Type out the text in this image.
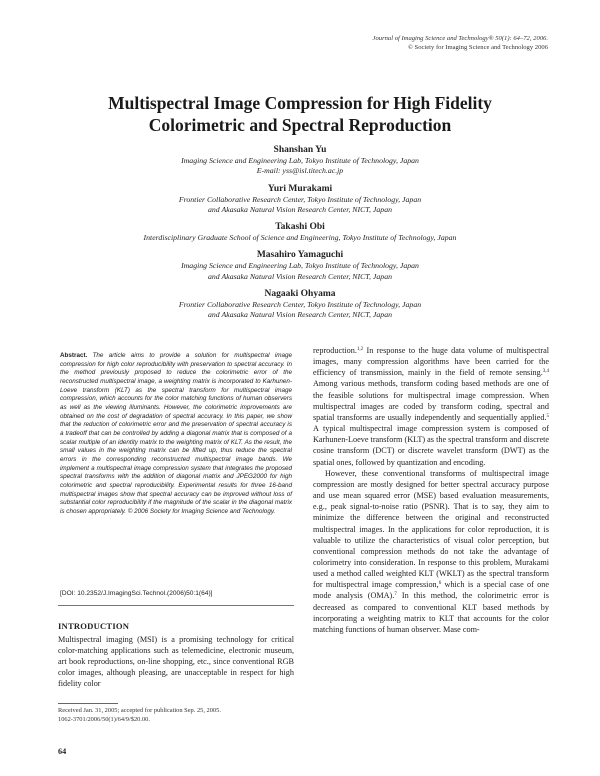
Journal of Imaging Science and Technology® 50(1): 64–72, 2006.
© Society for Imaging Science and Technology 2006
Multispectral Image Compression for High Fidelity
Colorimetric and Spectral Reproduction
Shanshan Yu
Imaging Science and Engineering Lab, Tokyo Institute of Technology, Japan
E-mail: yss@isl.titech.ac.jp
Yuri Murakami
Frontier Collaborative Research Center, Tokyo Institute of Technology, Japan
and Akasaka Natural Vision Research Center, NICT, Japan
Takashi Obi
Interdisciplinary Graduate School of Science and Engineering, Tokyo Institute of Technology, Japan
Masahiro Yamaguchi
Imaging Science and Engineering Lab, Tokyo Institute of Technology, Japan
and Akasaka Natural Vision Research Center, NICT, Japan
Nagaaki Ohyama
Frontier Collaborative Research Center, Tokyo Institute of Technology, Japan
and Akasaka Natural Vision Research Center, NICT, Japan
Abstract. The article aims to provide a solution for multispectral image compression for high color reproducibility with preservation to spectral accuracy. In the method previously proposed to reduce the colorimetric error of the reconstructed multispectral image, a weighting matrix is incorporated to Karhunen-Loeve transform (KLT) as the spectral transform for multispectral image compression, which accounts for the color matching functions of human observers as well as the viewing illuminants. However, the colorimetric improvements are obtained on the cost of degradation of spectral accuracy. In this paper, we show that the reduction of colorimetric error and the preservation of spectral accuracy is a tradeoff that can be controlled by adding a diagonal matrix that is composed of a scalar multiple of an identity matrix to the weighting matrix of KLT. As the result, the small values in the weighting matrix can be lifted up, thus reduce the spectral errors in the corresponding reconstructed multispectral image bands. We implement a multispectral image compression system that integrates the proposed spectral transforms with the addition of diagonal matrix and JPEG2000 for high colorimetric and spectral reproducibility. Experimental results for three 16-band multispectral images show that spectral accuracy can be improved without loss of substantial color reproducibility if the magnitude of the scalar in the diagonal matrix is chosen appropriately. © 2006 Society for Imaging Science and Technology.
[DOI: 10.2352/J.ImagingSci.Technol.(2006)50:1(64)]
INTRODUCTION
Multispectral imaging (MSI) is a promising technology for critical color-matching applications such as telemedicine, electronic museum, art book reproductions, on-line shopping, etc., since conventional RGB color images, although pleasing, are unacceptable in respect for high fidelity color
Received Jan. 31, 2005; accepted for publication Sep. 25, 2005.
1062-3701/2006/50(1)/64/9/$20.00.
64

reproduction.$^{1,2}$ In response to the huge data volume of multispectral images, many compression algorithms have been carried for the efficiency of transmission, mainly in the field of remote sensing.$^{3,4}$ Among various methods, transform coding based methods are one of the feasible solutions for multispectral image compression. When multispectral images are coded by transform coding, spectral and spatial transforms are usually independently and sequentially applied.$^5$ A typical multispectral image compression system is composed of Karhunen-Loeve transform (KLT) as the spectral transform and discrete cosine transform (DCT) or discrete wavelet transform (DWT) as the spatial ones, followed by quantization and encoding.

However, these conventional transforms of multispectral image compression are mostly designed for better spectral accuracy purpose and use mean squared error (MSE) based evaluation measurements, e.g., peak signal-to-noise ratio (PSNR). That is to say, they aim to minimize the difference between the original and reconstructed multispectral images. In the applications for color reproduction, it is valuable to utilize the characteristics of visual color perception, but conventional compression methods do not take the advantage of colorimetry into consideration. In response to this problem, Murakami used a method called weighted KLT (WKLT) as the spectral transform for multispectral image compression,$^6$ which is a special case of one mode analysis (OMA).$^7$ In this method, the colorimetric error is decreased as compared to conventional KLT based methods by incorporating a weighting matrix to KLT that accounts for the color matching functions of human observer. Mase com-
